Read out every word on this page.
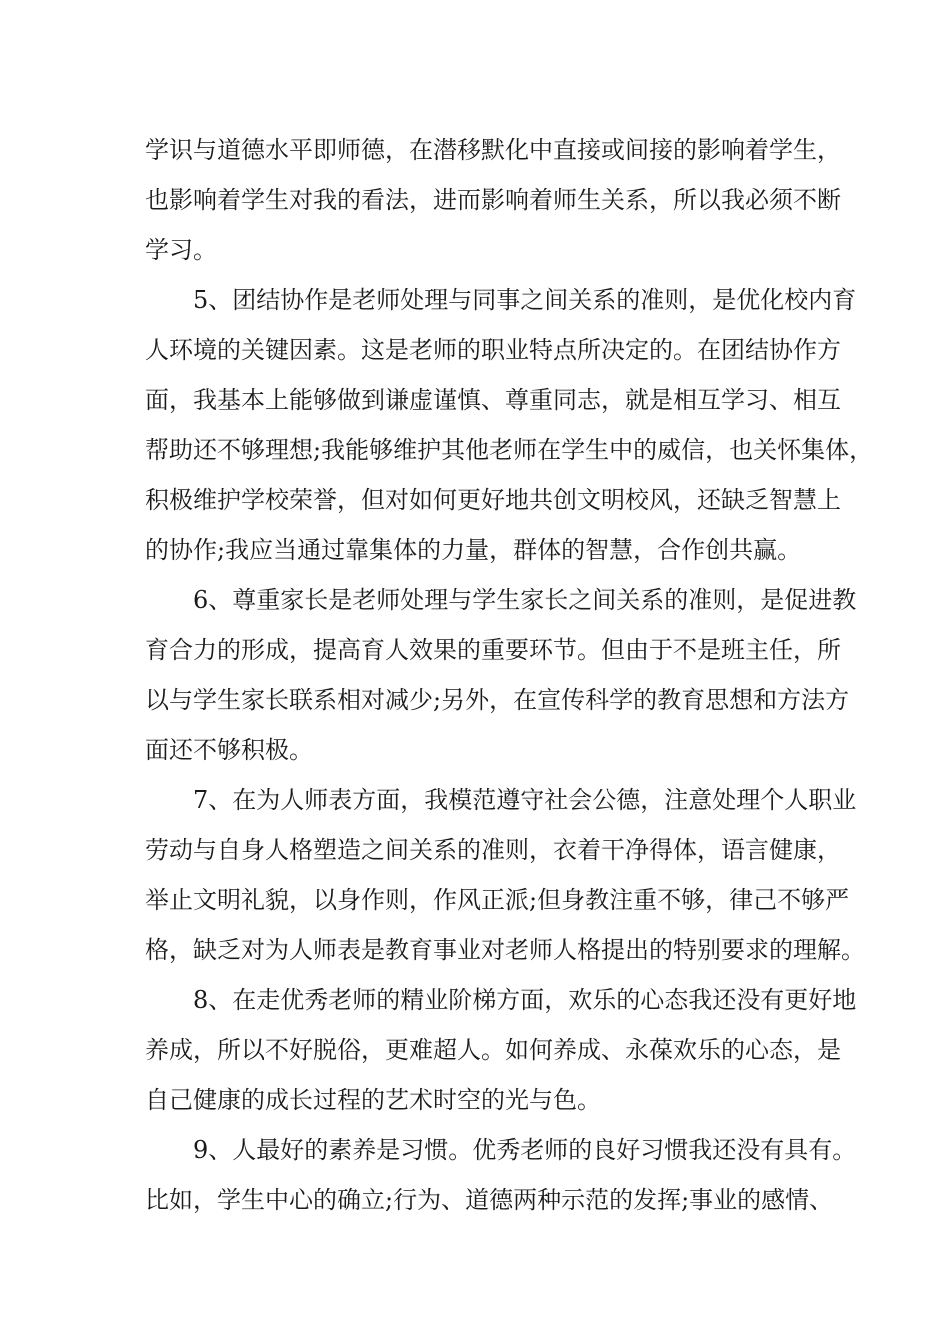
学识与道德水平即师德，在潜移默化中直接或间接的影响着学生，
也影响着学生对我的看法，进而影响着师生关系，所以我必须不断
学习。
5、团结协作是老师处理与同事之间关系的准则，是优化校内育
人环境的关键因素。这是老师的职业特点所决定的。在团结协作方
面，我基本上能够做到谦虚谨慎、尊重同志，就是相互学习、相互
帮助还不够理想;我能够维护其他老师在学生中的威信，也关怀集体，
积极维护学校荣誉，但对如何更好地共创文明校风，还缺乏智慧上
的协作;我应当通过靠集体的力量，群体的智慧，合作创共赢。
6、尊重家长是老师处理与学生家长之间关系的准则，是促进教
育合力的形成，提高育人效果的重要环节。但由于不是班主任，所
以与学生家长联系相对减少;另外，在宣传科学的教育思想和方法方
面还不够积极。
7、在为人师表方面，我模范遵守社会公德，注意处理个人职业
劳动与自身人格塑造之间关系的准则，衣着干净得体，语言健康，
举止文明礼貌，以身作则，作风正派;但身教注重不够，律己不够严
格，缺乏对为人师表是教育事业对老师人格提出的特别要求的理解。
8、在走优秀老师的精业阶梯方面，欢乐的心态我还没有更好地
养成，所以不好脱俗，更难超人。如何养成、永葆欢乐的心态，是
自己健康的成长过程的艺术时空的光与色。
9、人最好的素养是习惯。优秀老师的良好习惯我还没有具有。
比如，学生中心的确立;行为、道德两种示范的发挥;事业的感情、
